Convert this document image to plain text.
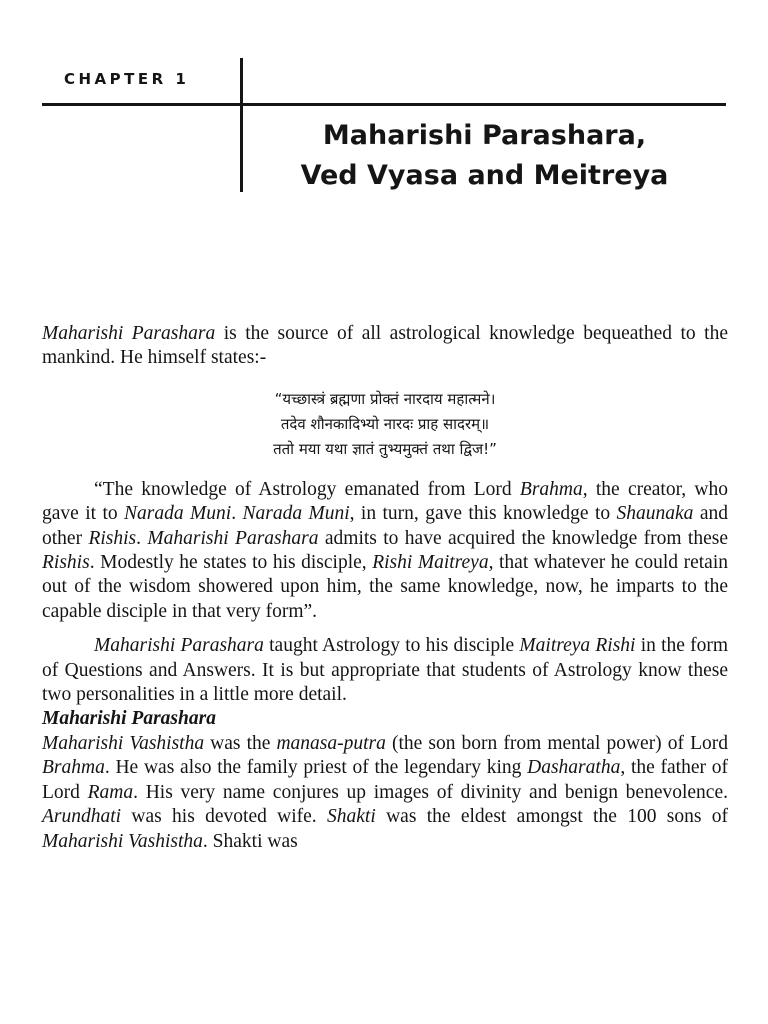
CHAPTER 1
Maharishi Parashara,
Ved Vyasa and Meitreya

Maharishi Parashara is the source of all astrological knowledge bequeathed to the mankind. He himself states:-

“यच्छास्त्रं ब्रह्मणा प्रोक्तं नारदाय महात्मने।
तदेव शौनकादिभ्यो नारदः प्राह सादरम्॥
ततो मया यथा ज्ञातं तुभ्यमुक्तं तथा द्विज!”

“The knowledge of Astrology emanated from Lord Brahma, the creator, who gave it to Narada Muni. Narada Muni, in turn, gave this knowledge to Shaunaka and other Rishis. Maharishi Parashara admits to have acquired the knowledge from these Rishis. Modestly he states to his disciple, Rishi Maitreya, that whatever he could retain out of the wisdom showered upon him, the same knowledge, now, he imparts to the capable disciple in that very form”.

Maharishi Parashara taught Astrology to his disciple Maitreya Rishi in the form of Questions and Answers. It is but appropriate that students of Astrology know these two personalities in a little more detail.

Maharishi Parashara

Maharishi Vashistha was the manasa-putra (the son born from mental power) of Lord Brahma. He was also the family priest of the legendary king Dasharatha, the father of Lord Rama. His very name conjures up images of divinity and benign benevolence. Arundhati was his devoted wife. Shakti was the eldest amongst the 100 sons of Maharishi Vashistha. Shakti was
